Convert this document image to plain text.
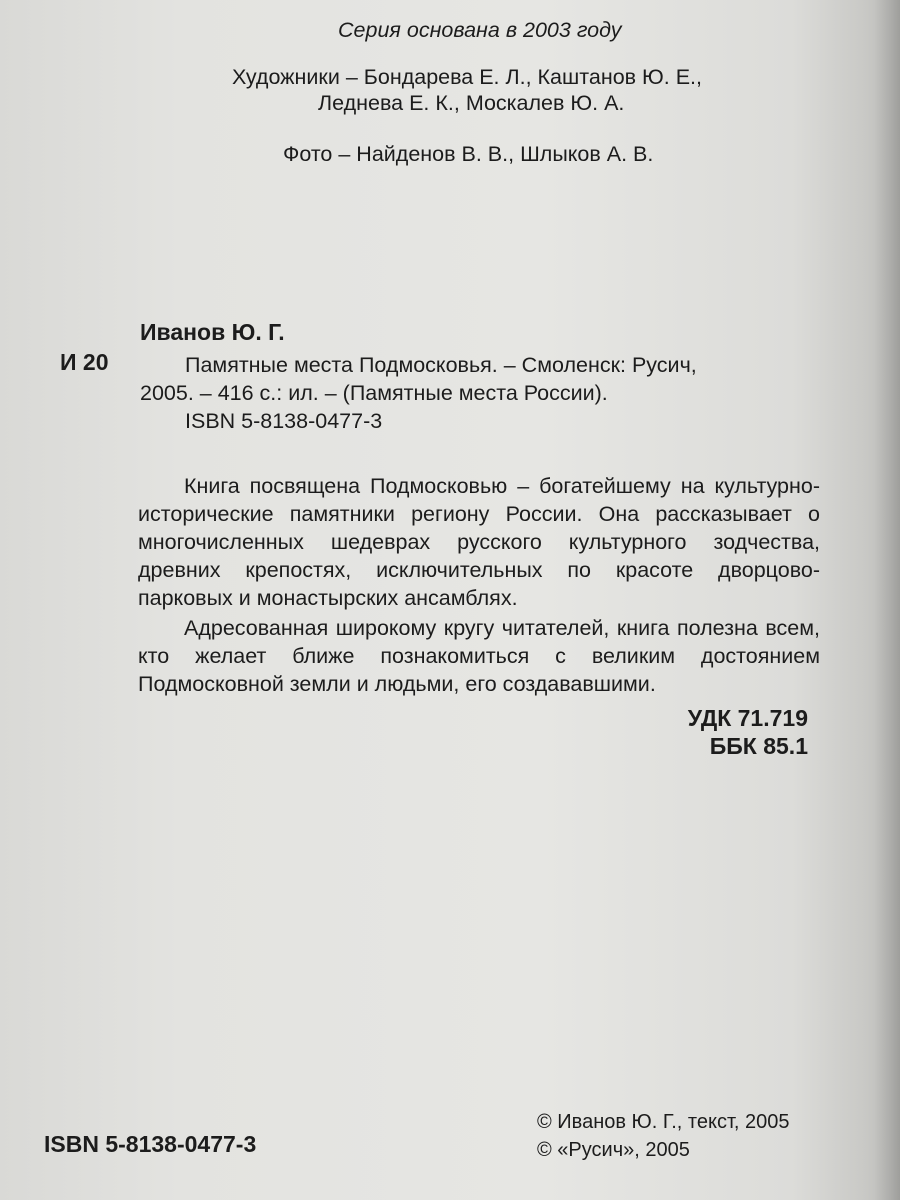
Серия основана в 2003 году
Художники – Бондарева Е. Л., Каштанов Ю. Е.,
Леднева Е. К., Москалев Ю. А.
Фото – Найденов В. В., Шлыков А. В.
Иванов Ю. Г.
И 20	Памятные места Подмосковья. – Смоленск: Русич,
2005. – 416 с.: ил. – (Памятные места России).
ISBN 5-8138-0477-3

Книга посвящена Подмосковью – богатейшему на культурно-исторические памятники региону России. Она рассказывает о многочисленных шедеврах русского культурного зодчества, древних крепостях, исключительных по красоте дворцово-парковых и монастырских ансамблях.

Адресованная широкому кругу читателей, книга полезна всем, кто желает ближе познакомиться с великим достоянием Подмосковной земли и людьми, его создававшими.

УДК 71.719
ББК 85.1
ISBN 5-8138-0477-3
© Иванов Ю. Г., текст, 2005
© «Русич», 2005
